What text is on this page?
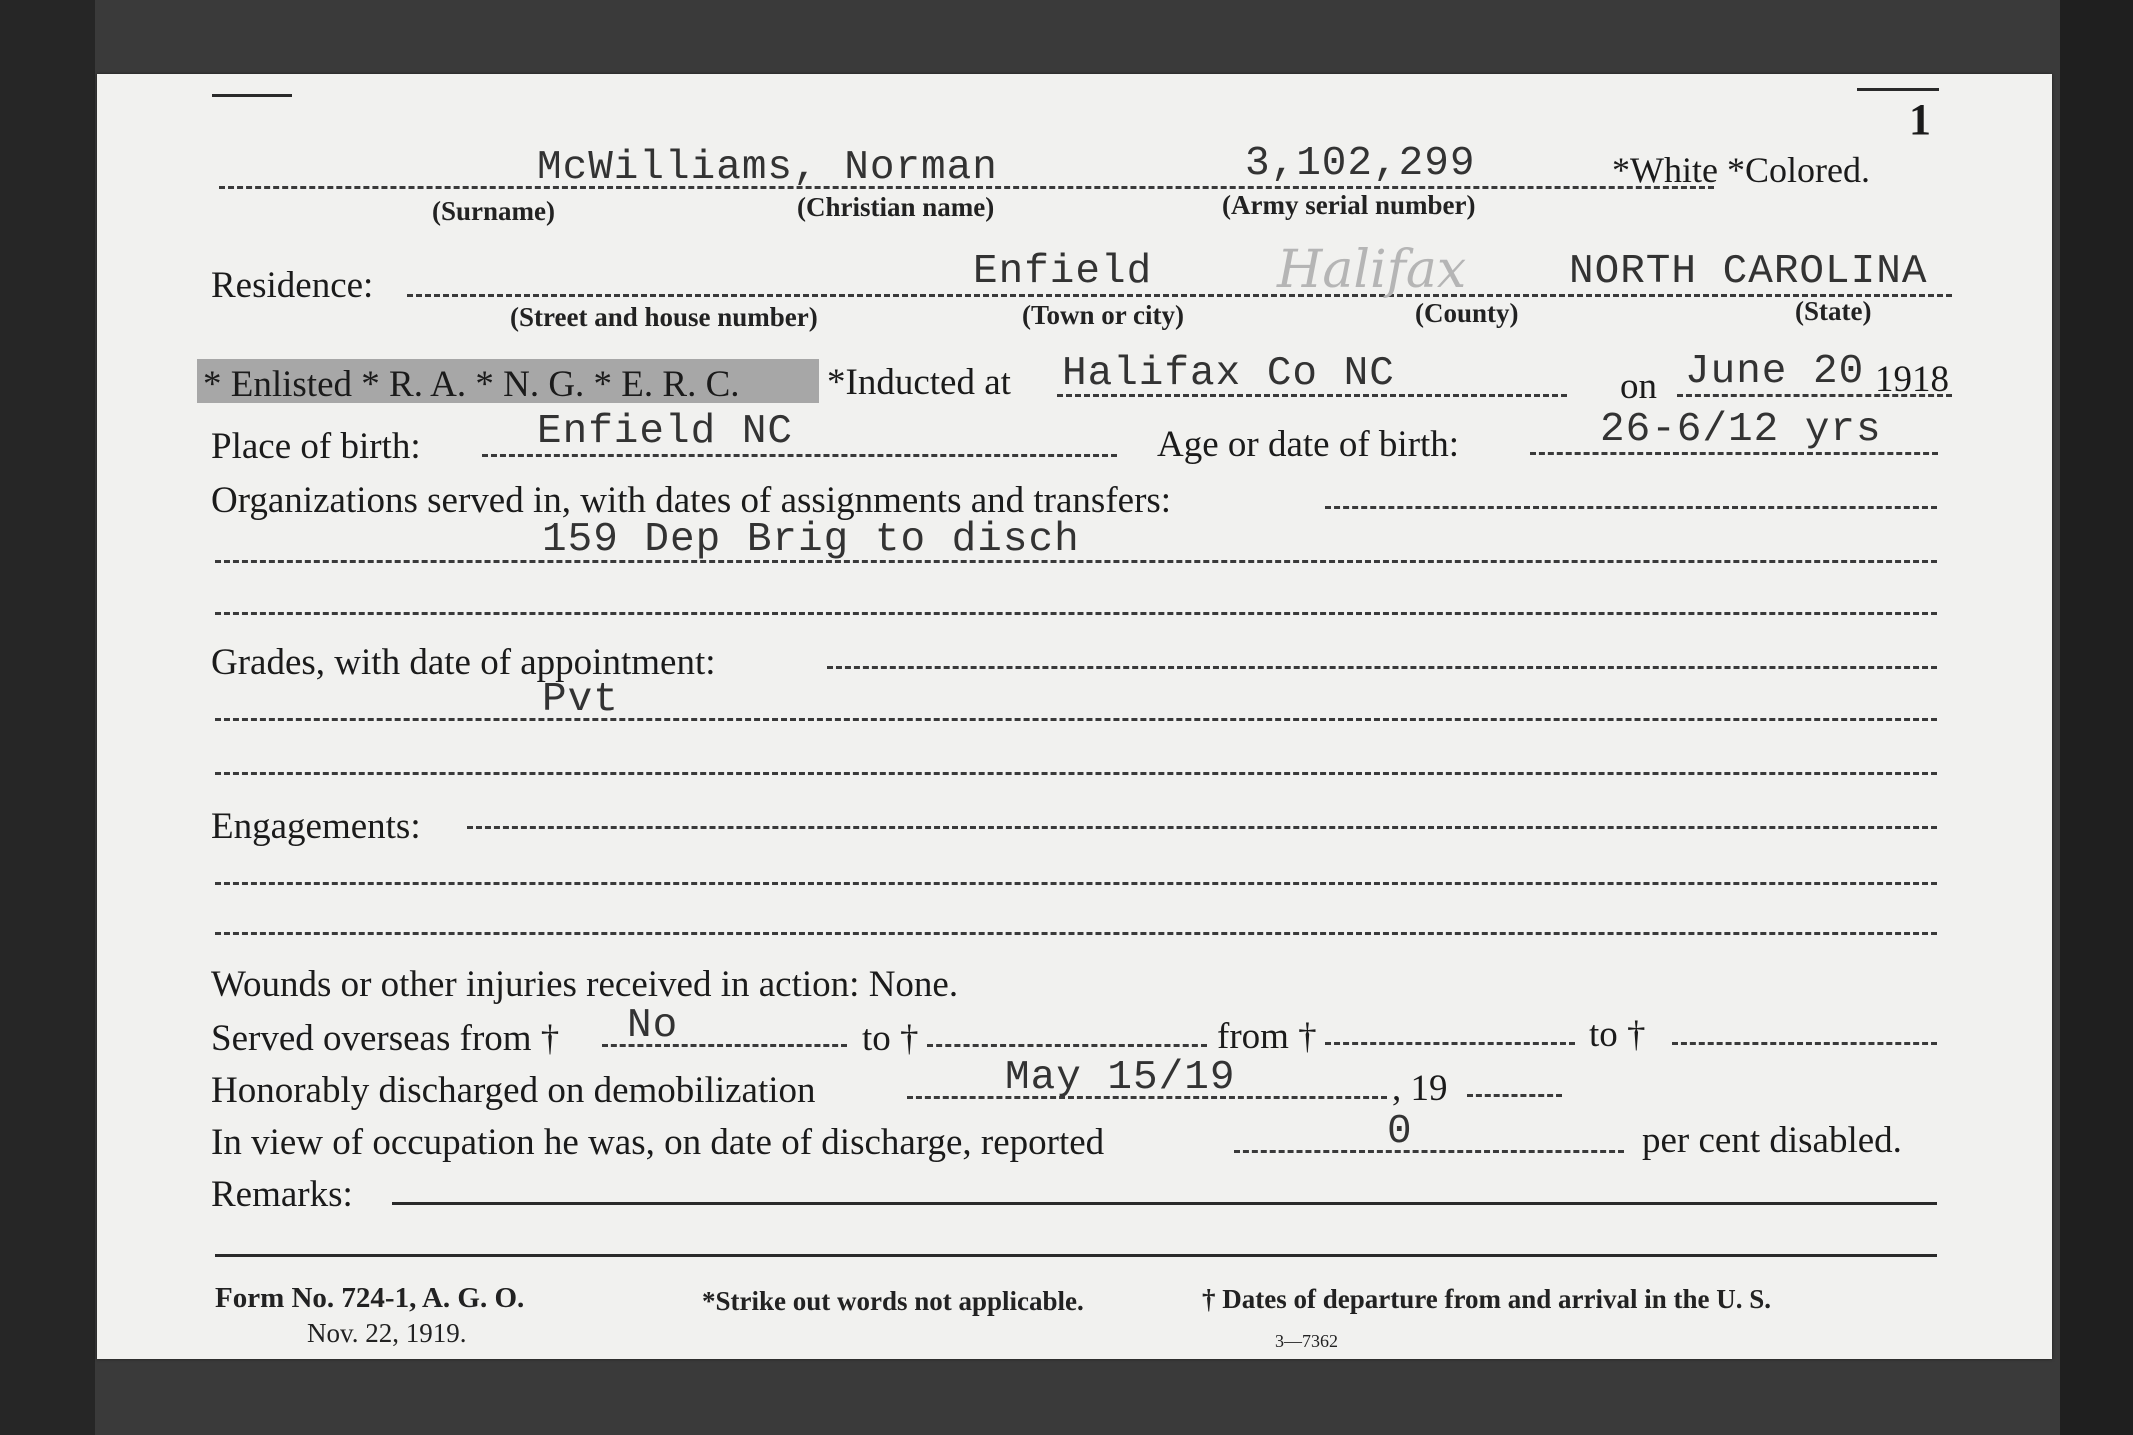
1
McWilliams, Norman	3,102,299	*White *Colored.
(Surname)	(Christian name)	(Army serial number)
Residence:	Enfield Halifax	NORTH CAROLINA
(Street and house number)	(Town or city)	(County)	(State)
* Enlisted * R. A. * N. G. * E. R. C. *Inducted at Halifax Co NC	on June 20 1918
Place of birth:	Enfield NC	Age or date of birth:	26-6/12 yrs
Organizations served in, with dates of assignments and transfers:
159 Dep Brig to disch
Grades, with date of appointment:
Pvt
Engagements:
Wounds or other injuries received in action: None.
Served overseas from † No	to †	from †	to †
Honorably discharged on demobilization	May 15/19	, 19
In view of occupation he was, on date of discharge, reported	0	per cent disabled.
Remarks:
Form No. 724-1, A. G. O.
Nov. 22, 1919.
*Strike out words not applicable.	† Dates of departure from and arrival in the U. S.
3—7362
